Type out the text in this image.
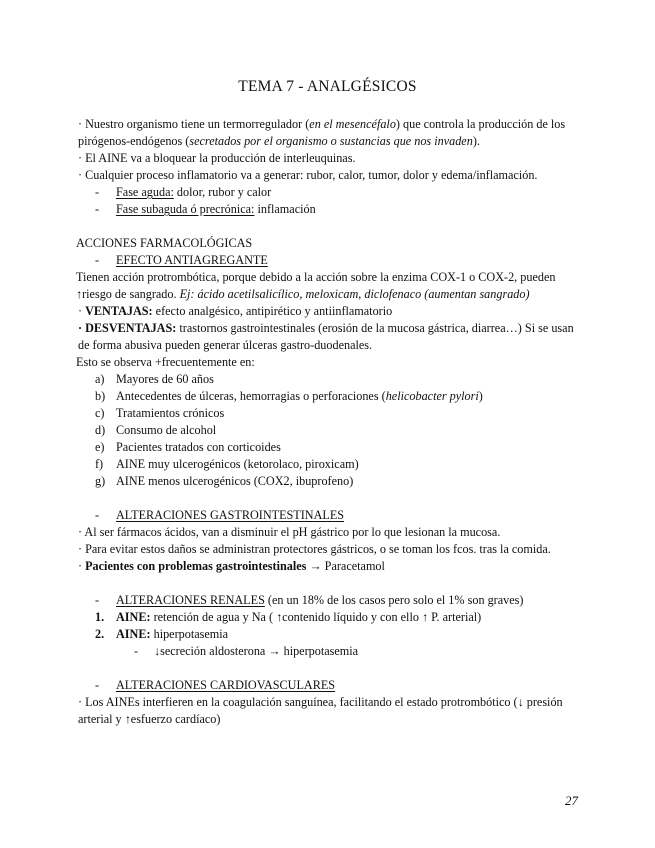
TEMA 7 - ANALGÉSICOS

· Nuestro organismo tiene un termorregulador (en el mesencéfalo) que controla la producción de los pirógenos-endógenos (secretados por el organismo o sustancias que nos invaden).

· El AINE va a bloquear la producción de interleuquinas.

· Cualquier proceso inflamatorio va a generar: rubor, calor, tumor, dolor y edema/inflamación.

- Fase aguda: dolor, rubor y calor

- Fase subaguda ó precrónica: inflamación

ACCIONES FARMACOLÓGICAS

- EFECTO ANTIAGREGANTE

Tienen acción protrombótica, porque debido a la acción sobre la enzima COX-1 o COX-2, pueden ↑riesgo de sangrado. Ej: ácido acetilsalicílico, meloxicam, diclofenaco (aumentan sangrado)

· VENTAJAS: efecto analgésico, antipirético y antiinflamatorio

· DESVENTAJAS: trastornos gastrointestinales (erosión de la mucosa gástrica, diarrea…) Si se usan de forma abusiva pueden generar úlceras gastro-duodenales.

Esto se observa +frecuentemente en:

a) Mayores de 60 años

b) Antecedentes de úlceras, hemorragias o perforaciones (helicobacter pylori)

c) Tratamientos crónicos

d) Consumo de alcohol

e) Pacientes tratados con corticoides

f) AINE muy ulcerogénicos (ketorolaco, piroxicam)

g) AINE menos ulcerogénicos (COX2, ibuprofeno)

- ALTERACIONES GASTROINTESTINALES

· Al ser fármacos ácidos, van a disminuir el pH gástrico por lo que lesionan la mucosa.

· Para evitar estos daños se administran protectores gástricos, o se toman los fcos. tras la comida.

· Pacientes con problemas gastrointestinales → Paracetamol

- ALTERACIONES RENALES (en un 18% de los casos pero solo el 1% son graves)

1. AINE: retención de agua y Na ( ↑contenido líquido y con ello ↑ P. arterial)

2. AINE: hiperpotasemia

- ↓secreción aldosterona → hiperpotasemia

- ALTERACIONES CARDIOVASCULARES

· Los AINEs interfieren en la coagulación sanguínea, facilitando el estado protrombótico (↓ presión arterial y ↑esfuerzo cardíaco)

27
